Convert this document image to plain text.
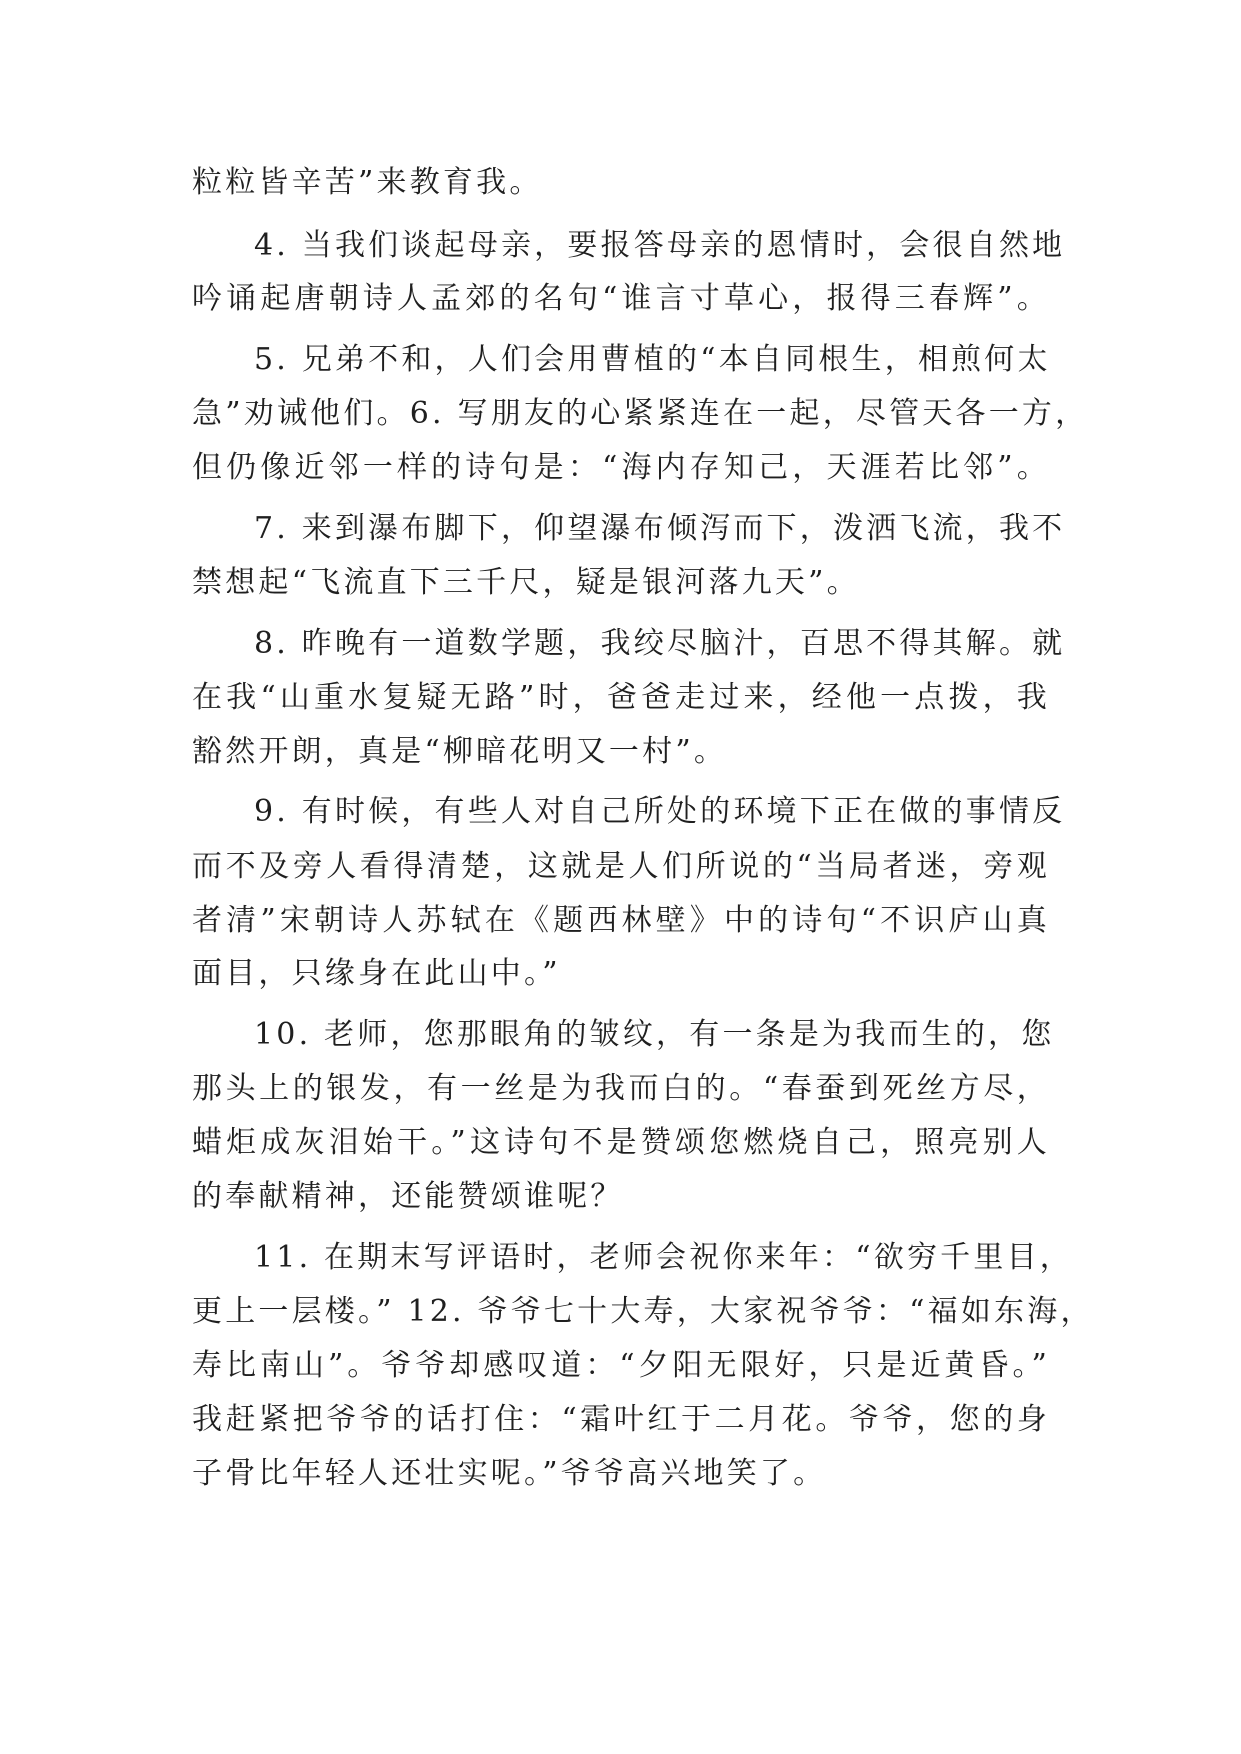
粒粒皆辛苦”来教育我。
4. 当我们谈起母亲，要报答母亲的恩情时，会很自然地
吟诵起唐朝诗人孟郊的名句“谁言寸草心，报得三春辉”。
5. 兄弟不和，人们会用曹植的“本自同根生，相煎何太
急”劝诫他们。6. 写朋友的心紧紧连在一起，尽管天各一方，
但仍像近邻一样的诗句是：“海内存知己，天涯若比邻”。
7. 来到瀑布脚下，仰望瀑布倾泻而下，泼洒飞流，我不
禁想起“飞流直下三千尺，疑是银河落九天”。
8. 昨晚有一道数学题，我绞尽脑汁，百思不得其解。就
在我“山重水复疑无路”时，爸爸走过来，经他一点拨，我
豁然开朗，真是“柳暗花明又一村”。
9. 有时候，有些人对自己所处的环境下正在做的事情反
而不及旁人看得清楚，这就是人们所说的“当局者迷，旁观
者清”宋朝诗人苏轼在《题西林壁》中的诗句“不识庐山真
面目，只缘身在此山中。”
10. 老师，您那眼角的皱纹，有一条是为我而生的，您
那头上的银发，有一丝是为我而白的。“春蚕到死丝方尽，
蜡炬成灰泪始干。”这诗句不是赞颂您燃烧自己，照亮别人
的奉献精神，还能赞颂谁呢？
11. 在期末写评语时，老师会祝你来年：“欲穷千里目，
更上一层楼。” 12. 爷爷七十大寿，大家祝爷爷：“福如东海，
寿比南山”。爷爷却感叹道：“夕阳无限好，只是近黄昏。”
我赶紧把爷爷的话打住：“霜叶红于二月花。爷爷，您的身
子骨比年轻人还壮实呢。”爷爷高兴地笑了。
